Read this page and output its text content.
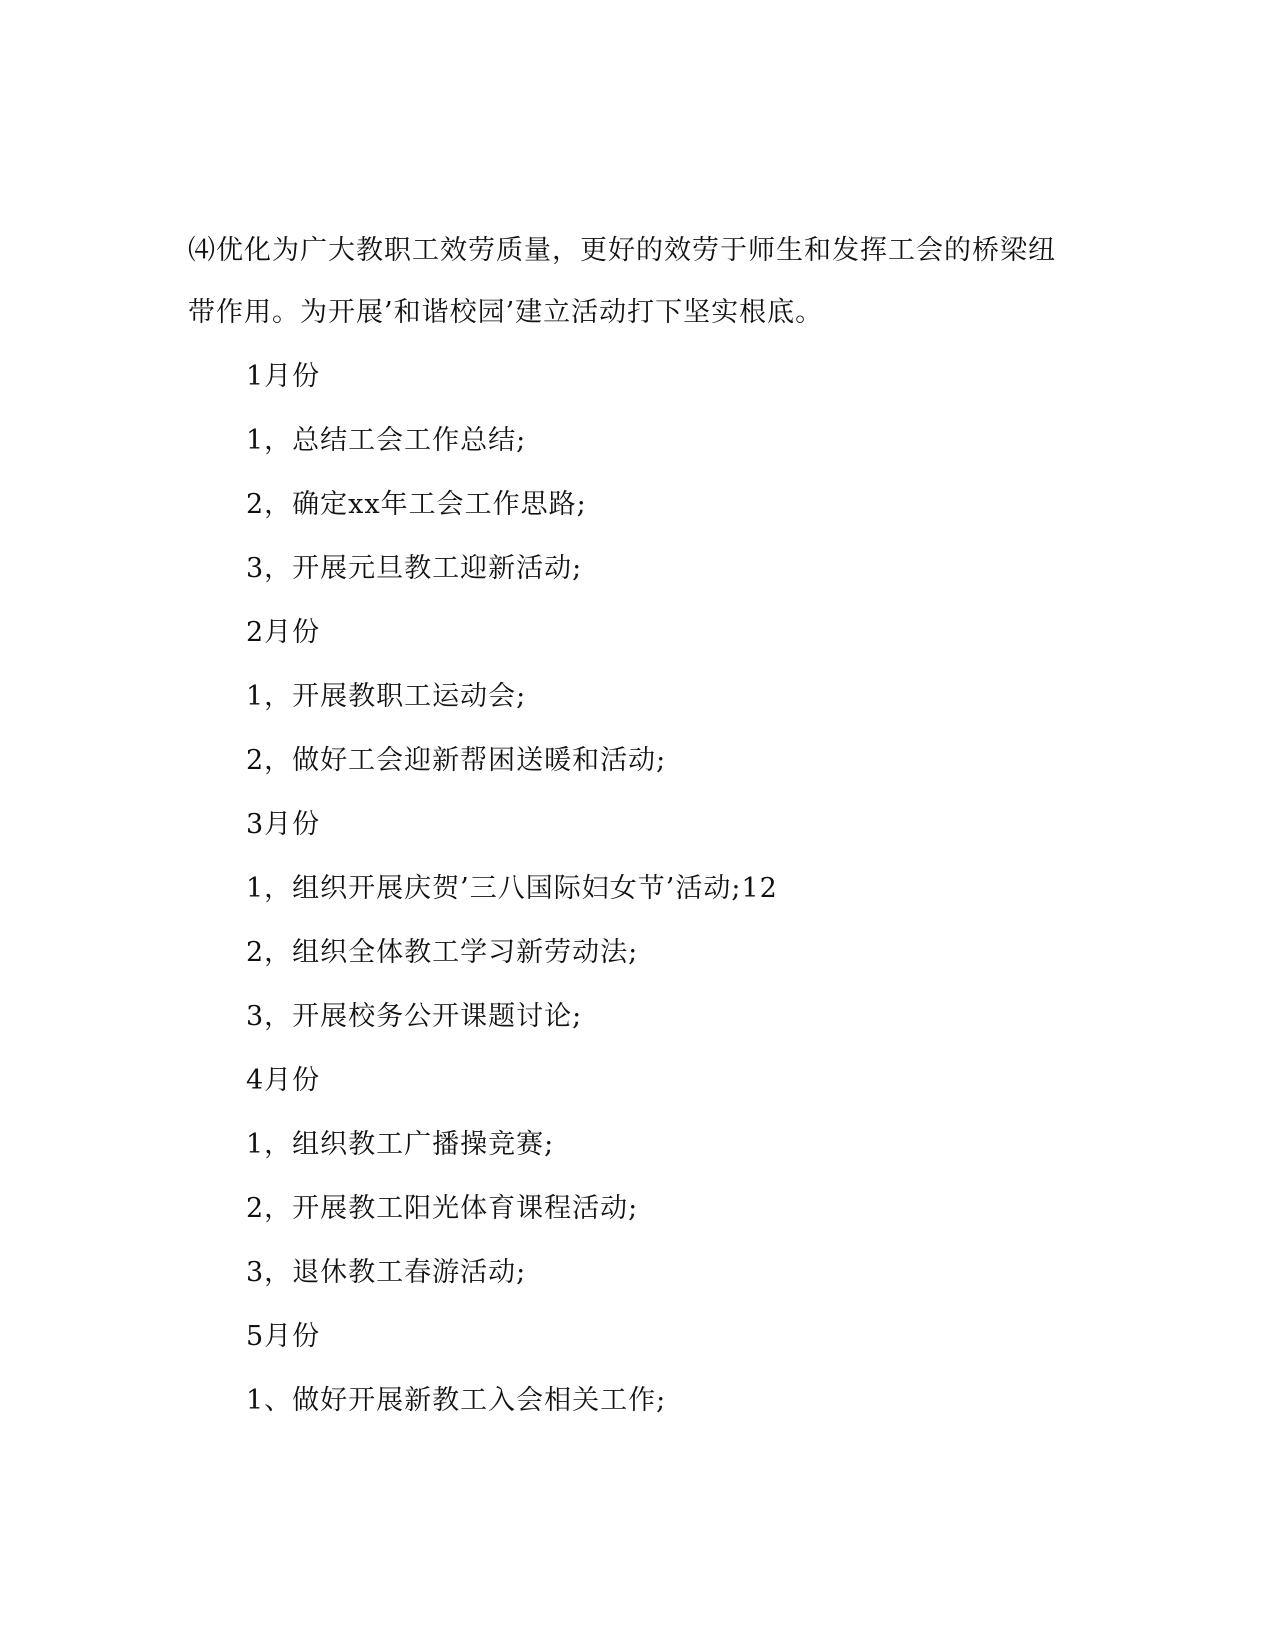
⑷优化为广大教职工效劳质量，更好的效劳于师生和发挥工会的桥梁纽带作用。为开展’和谐校园’建立活动打下坚实根底。

1月份
1，总结工会工作总结;
2，确定xx年工会工作思路;
3，开展元旦教工迎新活动;
2月份
1，开展教职工运动会;
2，做好工会迎新帮困送暖和活动;
3月份
1，组织开展庆贺’三八国际妇女节’活动;12
2，组织全体教工学习新劳动法;
3，开展校务公开课题讨论;
4月份
1，组织教工广播操竞赛;
2，开展教工阳光体育课程活动;
3，退休教工春游活动;
5月份
1、做好开展新教工入会相关工作;
